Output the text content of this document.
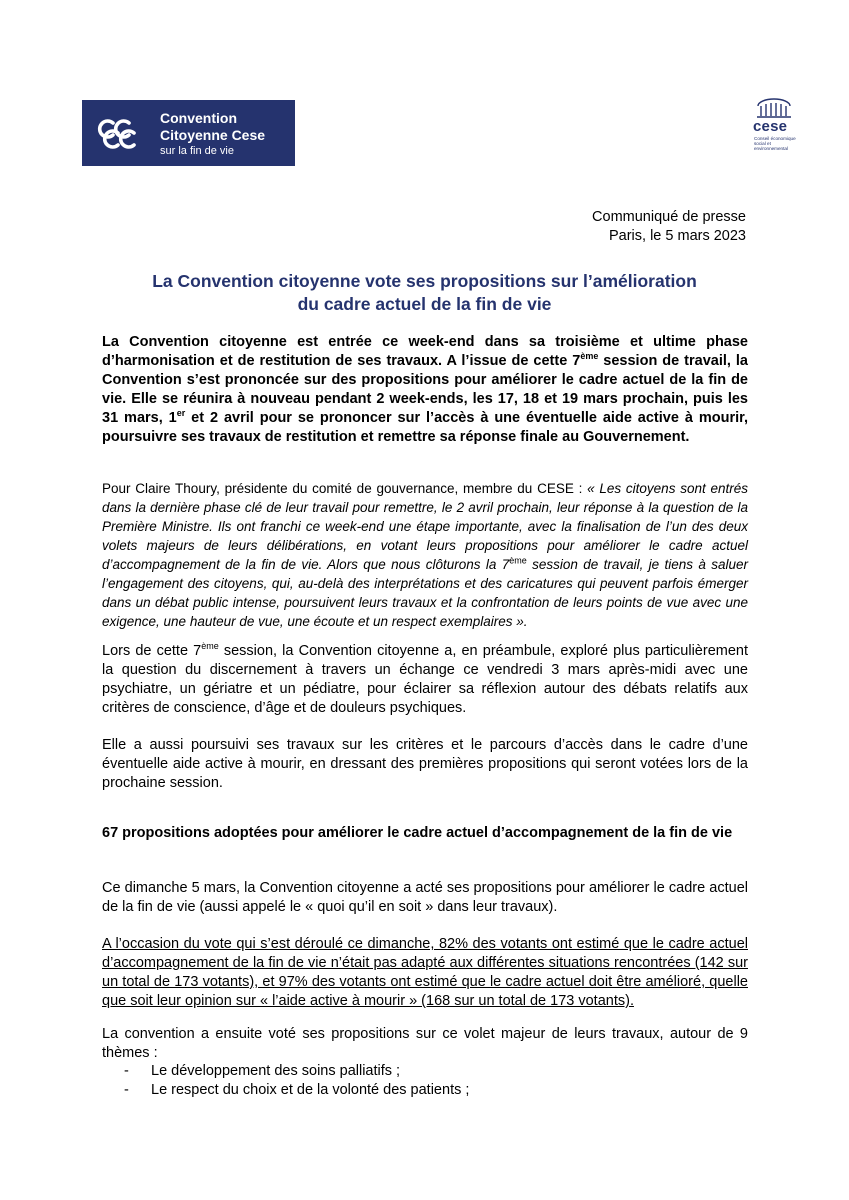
Convention
Citoyenne Cese
sur la fin de vie
cese
Conseil économique social et environnemental
Communiqué de presse
Paris, le 5 mars 2023
La Convention citoyenne vote ses propositions sur l’amélioration
du cadre actuel de la fin de vie
La Convention citoyenne est entrée ce week-end dans sa troisième et ultime phase d’harmonisation et de restitution de ses travaux. A l’issue de cette 7ème session de travail, la Convention s’est prononcée sur des propositions pour améliorer le cadre actuel de la fin de vie. Elle se réunira à nouveau pendant 2 week-ends, les 17, 18 et 19 mars prochain, puis les 31 mars, 1er et 2 avril pour se prononcer sur l’accès à une éventuelle aide active à mourir, poursuivre ses travaux de restitution et remettre sa réponse finale au Gouvernement.
Pour Claire Thoury, présidente du comité de gouvernance, membre du CESE : « Les citoyens sont entrés dans la dernière phase clé de leur travail pour remettre, le 2 avril prochain, leur réponse à la question de la Première Ministre. Ils ont franchi ce week-end une étape importante, avec la finalisation de l’un des deux volets majeurs de leurs délibérations, en votant leurs propositions pour améliorer le cadre actuel d’accompagnement de la fin de vie. Alors que nous clôturons la 7ème session de travail, je tiens à saluer l’engagement des citoyens, qui, au-delà des interprétations et des caricatures qui peuvent parfois émerger dans un débat public intense, poursuivent leurs travaux et la confrontation de leurs points de vue avec une exigence, une hauteur de vue, une écoute et un respect exemplaires ».
Lors de cette 7ème session, la Convention citoyenne a, en préambule, exploré plus particulièrement la question du discernement à travers un échange ce vendredi 3 mars après-midi avec une psychiatre, un gériatre et un pédiatre, pour éclairer sa réflexion autour des débats relatifs aux critères de conscience, d’âge et de douleurs psychiques.
Elle a aussi poursuivi ses travaux sur les critères et le parcours d’accès dans le cadre d’une éventuelle aide active à mourir, en dressant des premières propositions qui seront votées lors de la prochaine session.
67 propositions adoptées pour améliorer le cadre actuel d’accompagnement de la fin de vie
Ce dimanche 5 mars, la Convention citoyenne a acté ses propositions pour améliorer le cadre actuel de la fin de vie (aussi appelé le « quoi qu’il en soit » dans leur travaux).
A l’occasion du vote qui s’est déroulé ce dimanche, 82% des votants ont estimé que le cadre actuel d’accompagnement de la fin de vie n’était pas adapté aux différentes situations rencontrées (142 sur un total de 173 votants), et 97% des votants ont estimé que le cadre actuel doit être amélioré, quelle que soit leur opinion sur « l’aide active à mourir » (168 sur un total de 173 votants).
La convention a ensuite voté ses propositions sur ce volet majeur de leurs travaux, autour de 9 thèmes :
- Le développement des soins palliatifs ;
- Le respect du choix et de la volonté des patients ;
